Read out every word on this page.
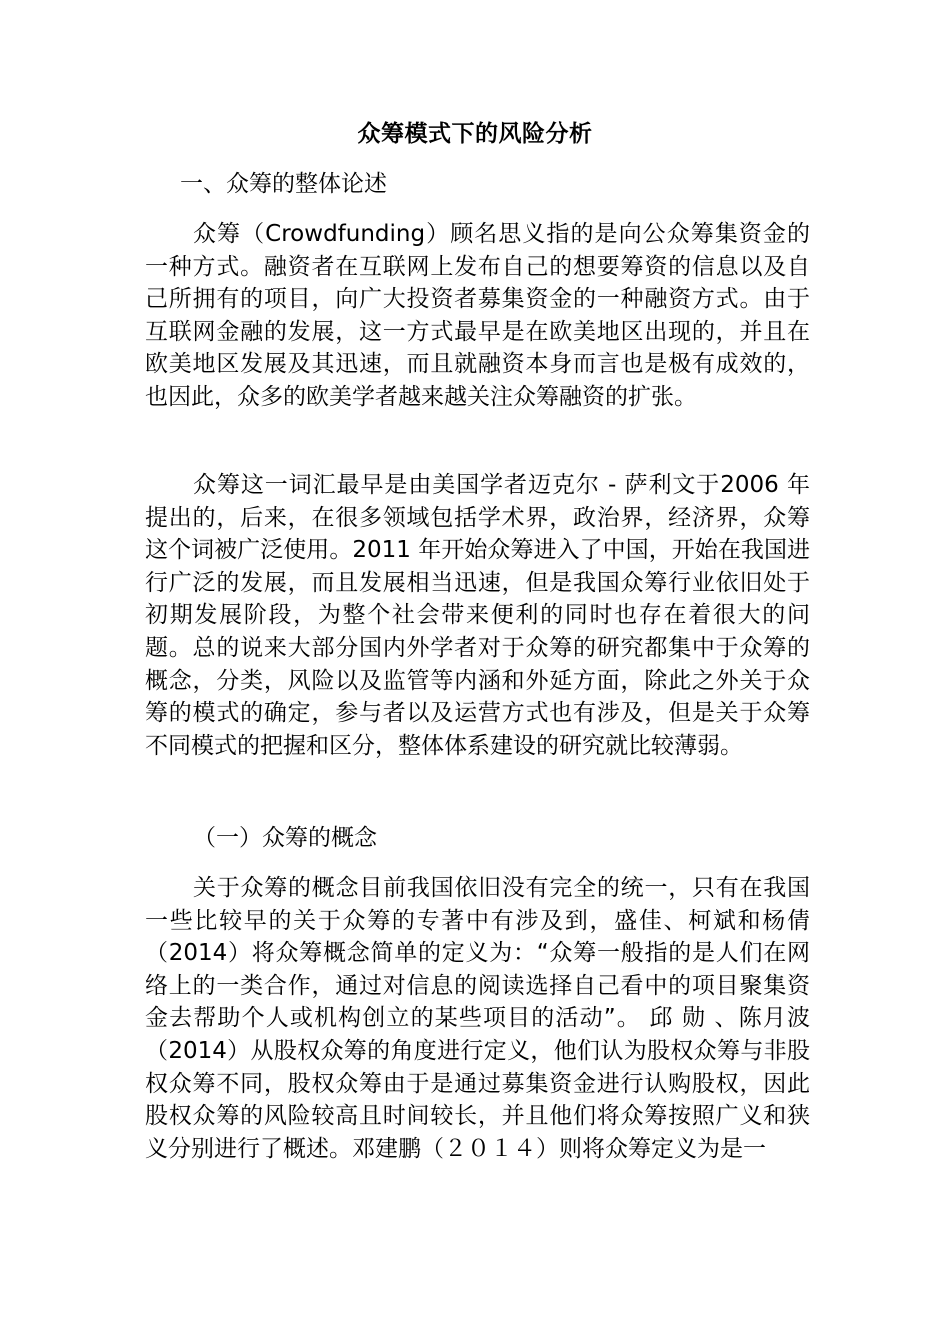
众筹模式下的风险分析
一、众筹的整体论述

众筹（Crowdfunding）顾名思义指的是向公众筹集资金的一种方式。融资者在互联网上发布自己的想要筹资的信息以及自己所拥有的项目，向广大投资者募集资金的一种融资方式。由于互联网金融的发展，这一方式最早是在欧美地区出现的，并且在欧美地区发展及其迅速，而且就融资本身而言也是极有成效的，也因此，众多的欧美学者越来越关注众筹融资的扩张。

众筹这一词汇最早是由美国学者迈克尔 - 萨利文于2006 年提出的，后来，在很多领域包括学术界，政治界，经济界，众筹这个词被广泛使用。2011 年开始众筹进入了中国，开始在我国进行广泛的发展，而且发展相当迅速，但是我国众筹行业依旧处于初期发展阶段，为整个社会带来便利的同时也存在着很大的问题。总的说来大部分国内外学者对于众筹的研究都集中于众筹的概念，分类，风险以及监管等内涵和外延方面，除此之外关于众筹的模式的确定，参与者以及运营方式也有涉及，但是关于众筹不同模式的把握和区分，整体体系建设的研究就比较薄弱。

（一）众筹的概念

关于众筹的概念目前我国依旧没有完全的统一，只有在我国一些比较早的关于众筹的专著中有涉及到，盛佳、柯斌和杨倩（2014）将众筹概念简单的定义为：“众筹一般指的是人们在网络上的一类合作，通过对信息的阅读选择自己看中的项目聚集资金去帮助个人或机构创立的某些项目的活动”。 邱 勋 、陈月波（2014）从股权众筹的角度进行定义，他们认为股权众筹与非股权众筹不同，股权众筹由于是通过募集资金进行认购股权，因此股权众筹的风险较高且时间较长，并且他们将众筹按照广义和狭义分别进行了概述。邓建鹏（２０１４）则将众筹定义为是一
